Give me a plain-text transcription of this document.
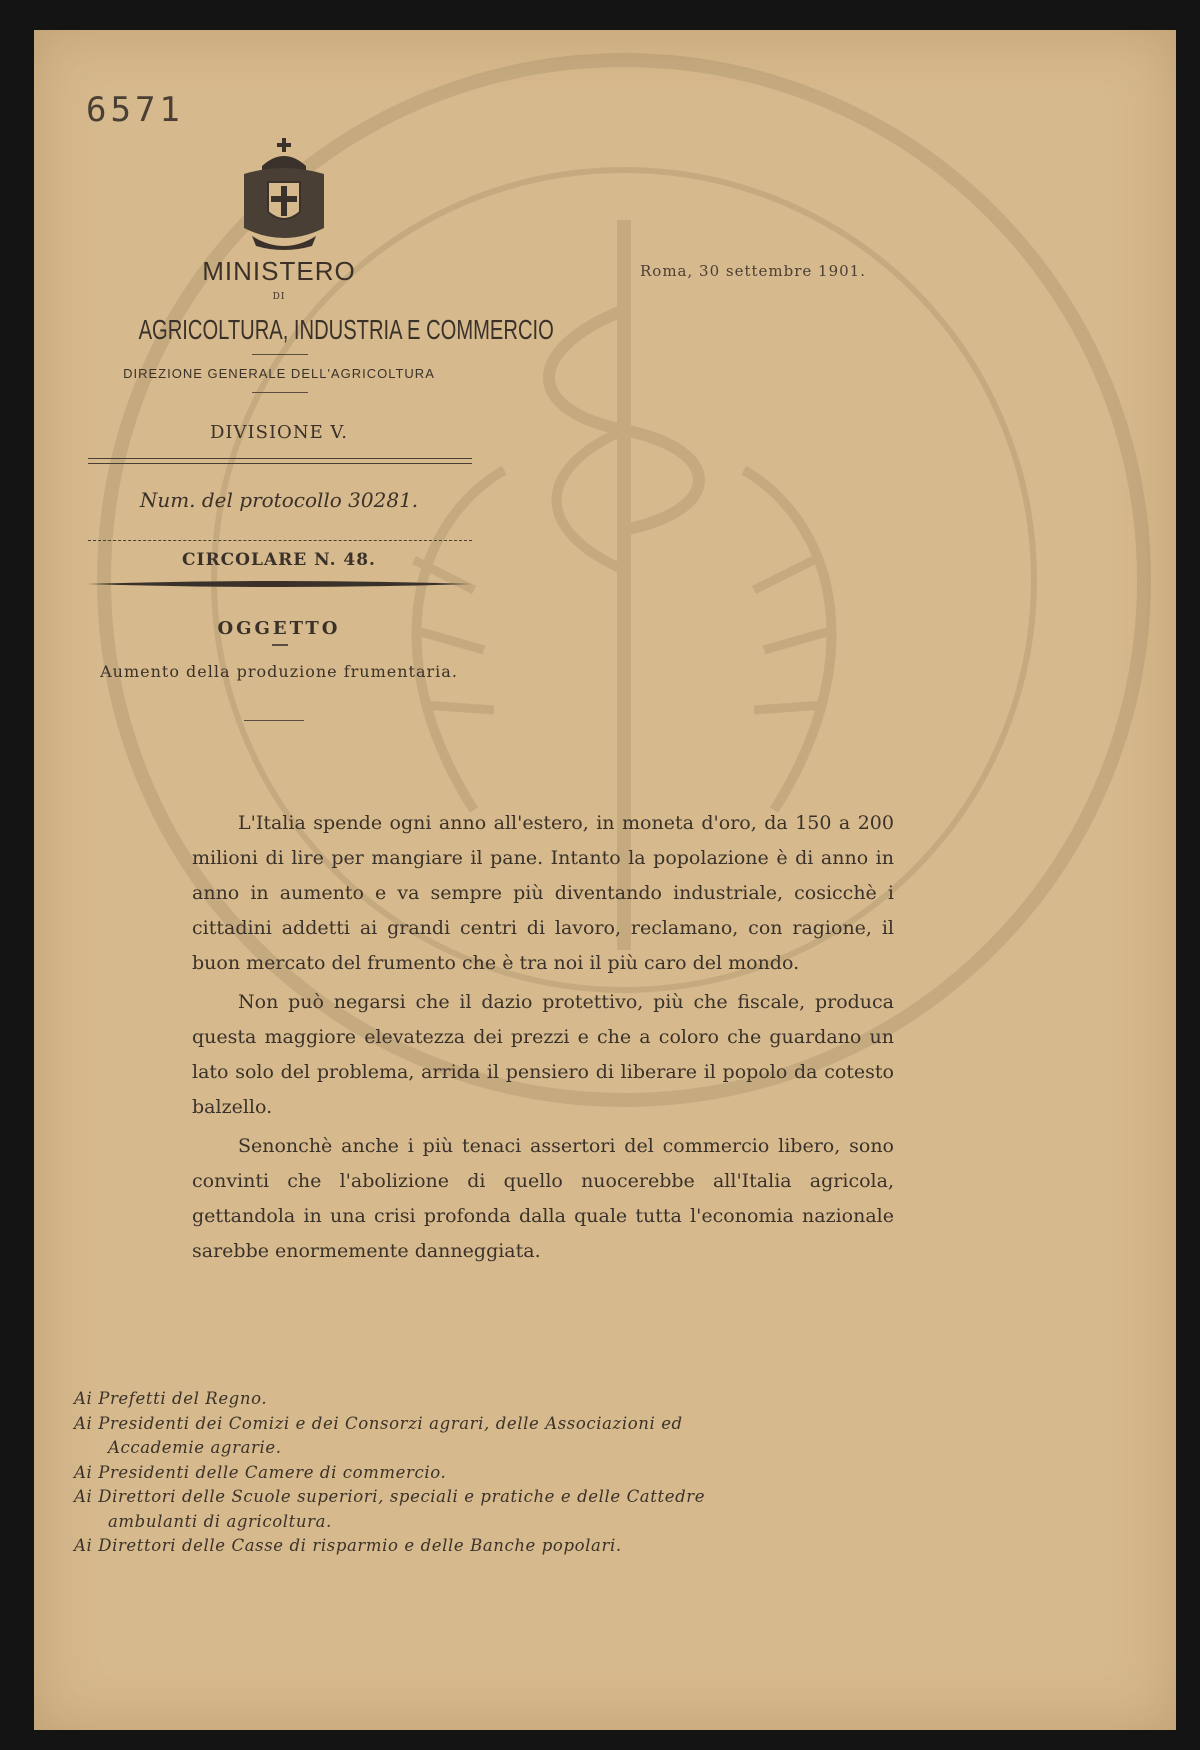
6571
MINISTERO
DI
AGRICOLTURA, INDUSTRIA E COMMERCIO
DIREZIONE GENERALE DELL'AGRICOLTURA
DIVISIONE V.
Num. del protocollo 30281.
CIRCOLARE N. 48.
OGGETTO
Aumento della produzione frumentaria.
Roma, 30 settembre 1901.

L'Italia spende ogni anno all'estero, in moneta d'oro, da 150 a 200 milioni di lire per mangiare il pane. Intanto la popolazione è di anno in anno in aumento e va sempre più diventando industriale, cosicchè i cittadini addetti ai grandi centri di lavoro, reclamano, con ragione, il buon mercato del frumento che è tra noi il più caro del mondo.

Non può negarsi che il dazio protettivo, più che fiscale, produca questa maggiore elevatezza dei prezzi e che a coloro che guardano un lato solo del problema, arrida il pensiero di liberare il popolo da cotesto balzello.

Senonchè anche i più tenaci assertori del commercio libero, sono convinti che l'abolizione di quello nuocerebbe all'Italia agricola, gettandola in una crisi profonda dalla quale tutta l'economia nazionale sarebbe enormemente danneggiata.

Ai Prefetti del Regno.
Ai Presidenti dei Comizi e dei Consorzi agrari, delle Associazioni ed Accademie agrarie.
Ai Presidenti delle Camere di commercio.
Ai Direttori delle Scuole superiori, speciali e pratiche e delle Cattedre ambulanti di agricoltura.
Ai Direttori delle Casse di risparmio e delle Banche popolari.
